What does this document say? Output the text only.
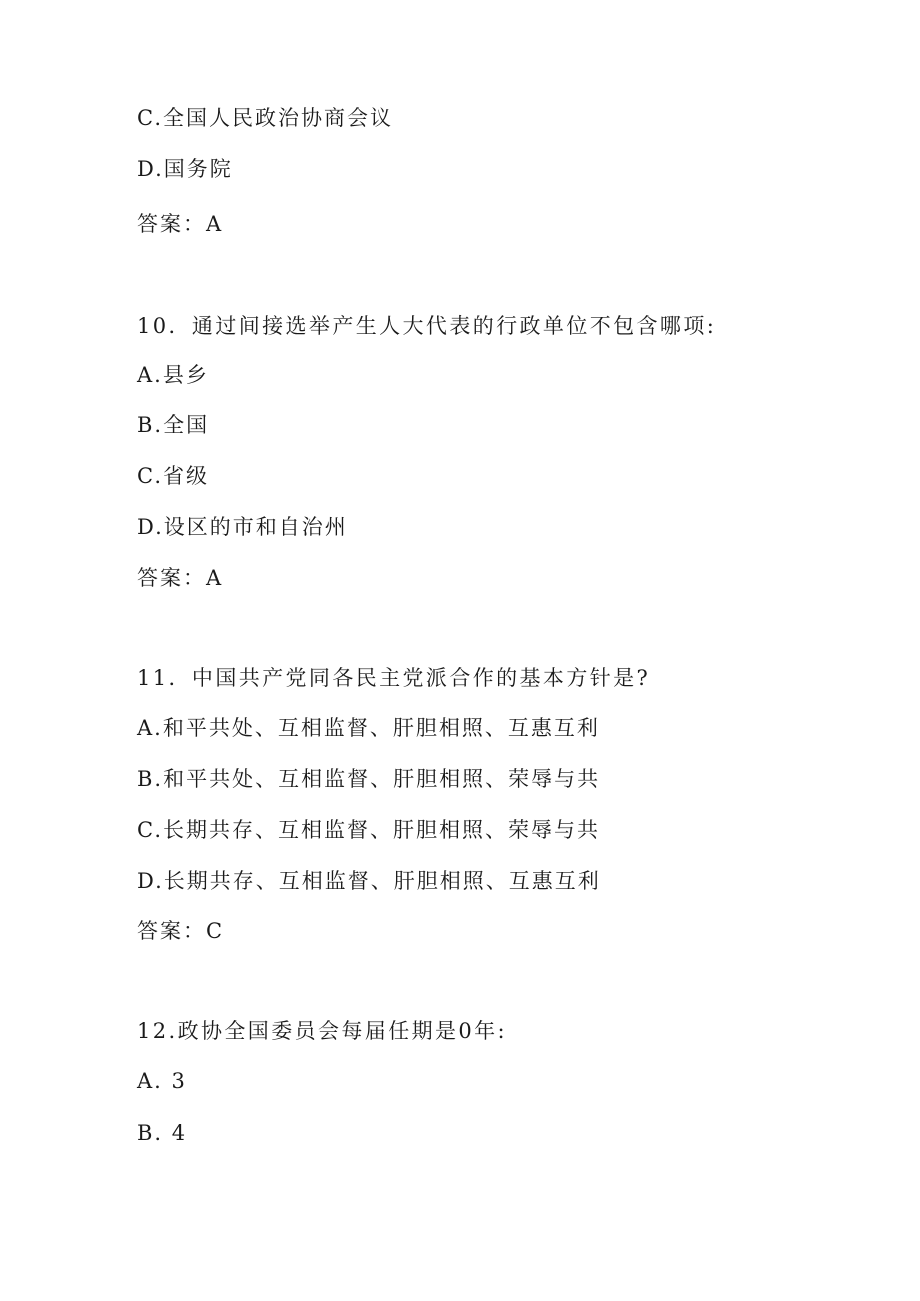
C.全国人民政治协商会议
D.国务院
答案：A
10．通过间接选举产生人大代表的行政单位不包含哪项:
A.县乡
B.全国
C.省级
D.设区的市和自治州
答案：A
11．中国共产党同各民主党派合作的基本方针是?
A.和平共处、互相监督、肝胆相照、互惠互利
B.和平共处、互相监督、肝胆相照、荣辱与共
C.长期共存、互相监督、肝胆相照、荣辱与共
D.长期共存、互相监督、肝胆相照、互惠互利
答案：C
12.政协全国委员会每届任期是0年:
A. 3
B. 4
